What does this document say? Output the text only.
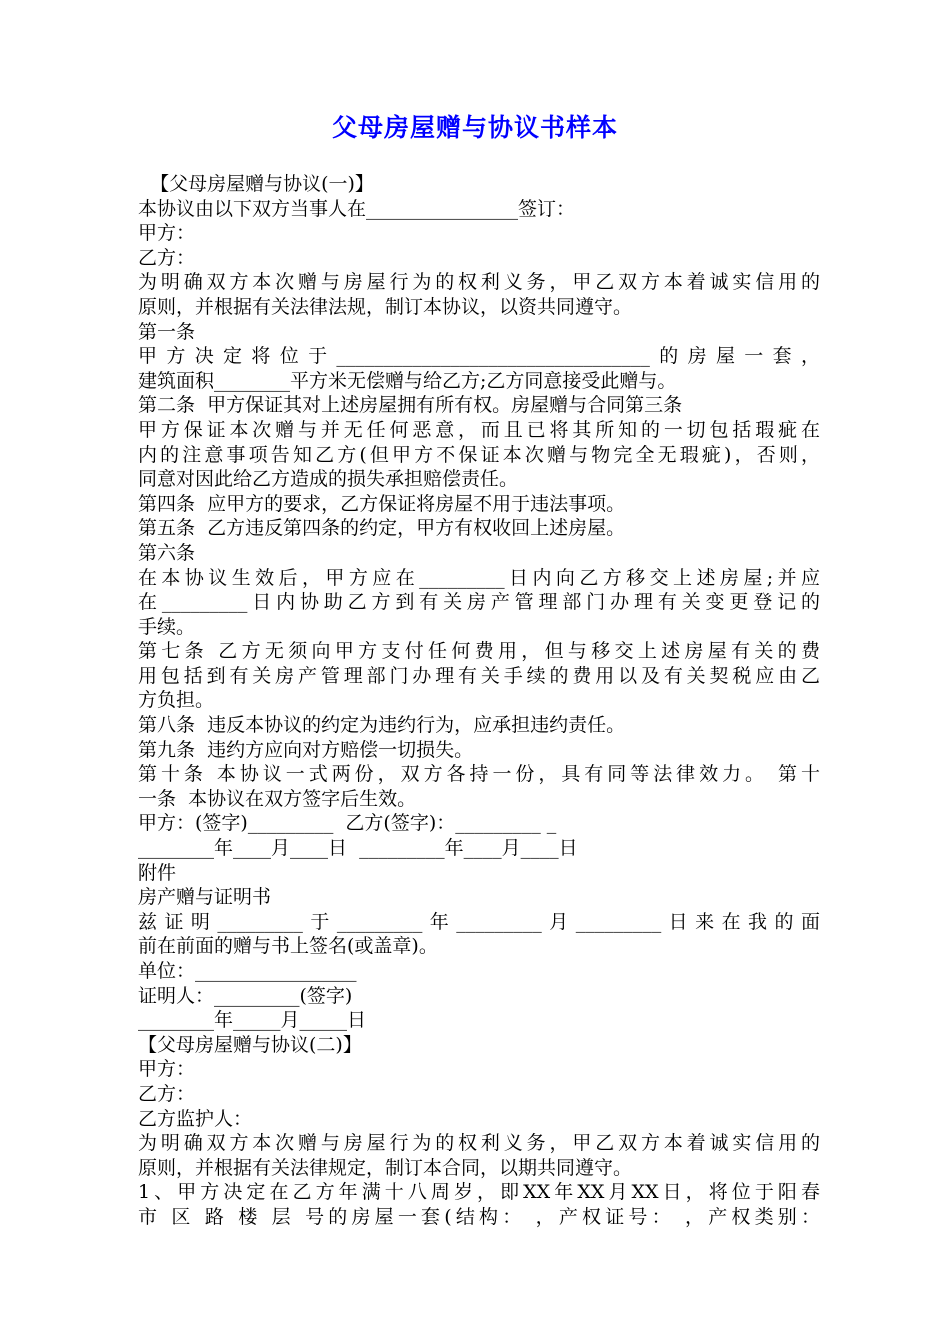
父母房屋赠与协议书样本
【父母房屋赠与协议(一)】
本协议由以下双方当事人在________________签订：
甲方：
乙方：
为明确双方本次赠与房屋行为的权利义务，甲乙双方本着诚实信用的
原则，并根据有关法律法规，制订本协议，以资共同遵守。
第一条
甲方决定将位于_________________________________的房屋一套，
建筑面积________平方米无偿赠与给乙方;乙方同意接受此赠与。
第二条  甲方保证其对上述房屋拥有所有权。房屋赠与合同第三条
甲方保证本次赠与并无任何恶意，而且已将其所知的一切包括瑕疵在
内的注意事项告知乙方(但甲方不保证本次赠与物完全无瑕疵)，否则，
同意对因此给乙方造成的损失承担赔偿责任。
第四条  应甲方的要求，乙方保证将房屋不用于违法事项。
第五条  乙方违反第四条的约定，甲方有权收回上述房屋。
第六条
在本协议生效后，甲方应在_________日内向乙方移交上述房屋;并应
在_________日内协助乙方到有关房产管理部门办理有关变更登记的
手续。
第七条 乙方无须向甲方支付任何费用，但与移交上述房屋有关的费
用包括到有关房产管理部门办理有关手续的费用以及有关契税应由乙
方负担。
第八条  违反本协议的约定为违约行为，应承担违约责任。
第九条  违约方应向对方赔偿一切损失。
第十条 本协议一式两份，双方各持一份，具有同等法律效力。 第十
一条  本协议在双方签字后生效。
甲方：(签字)_________  乙方(签字)：_________ _
________年____月____日  _________年____月____日
附件
房产赠与证明书
兹证明_________于_________年_________月_________日来在我的面
前在前面的赠与书上签名(或盖章)。
单位：_________________
证明人：_________(签字)
________年_____月_____日
【父母房屋赠与协议(二)】
甲方：
乙方：
乙方监护人：
为明确双方本次赠与房屋行为的权利义务，甲乙双方本着诚实信用的
原则，并根据有关法律规定，制订本合同，以期共同遵守。
1、甲方决定在乙方年满十八周岁，即XX年XX月XX日，将位于阳春
市 区 路 楼 层 号的房屋一套(结构： ，产权证号： ，产权类别：
